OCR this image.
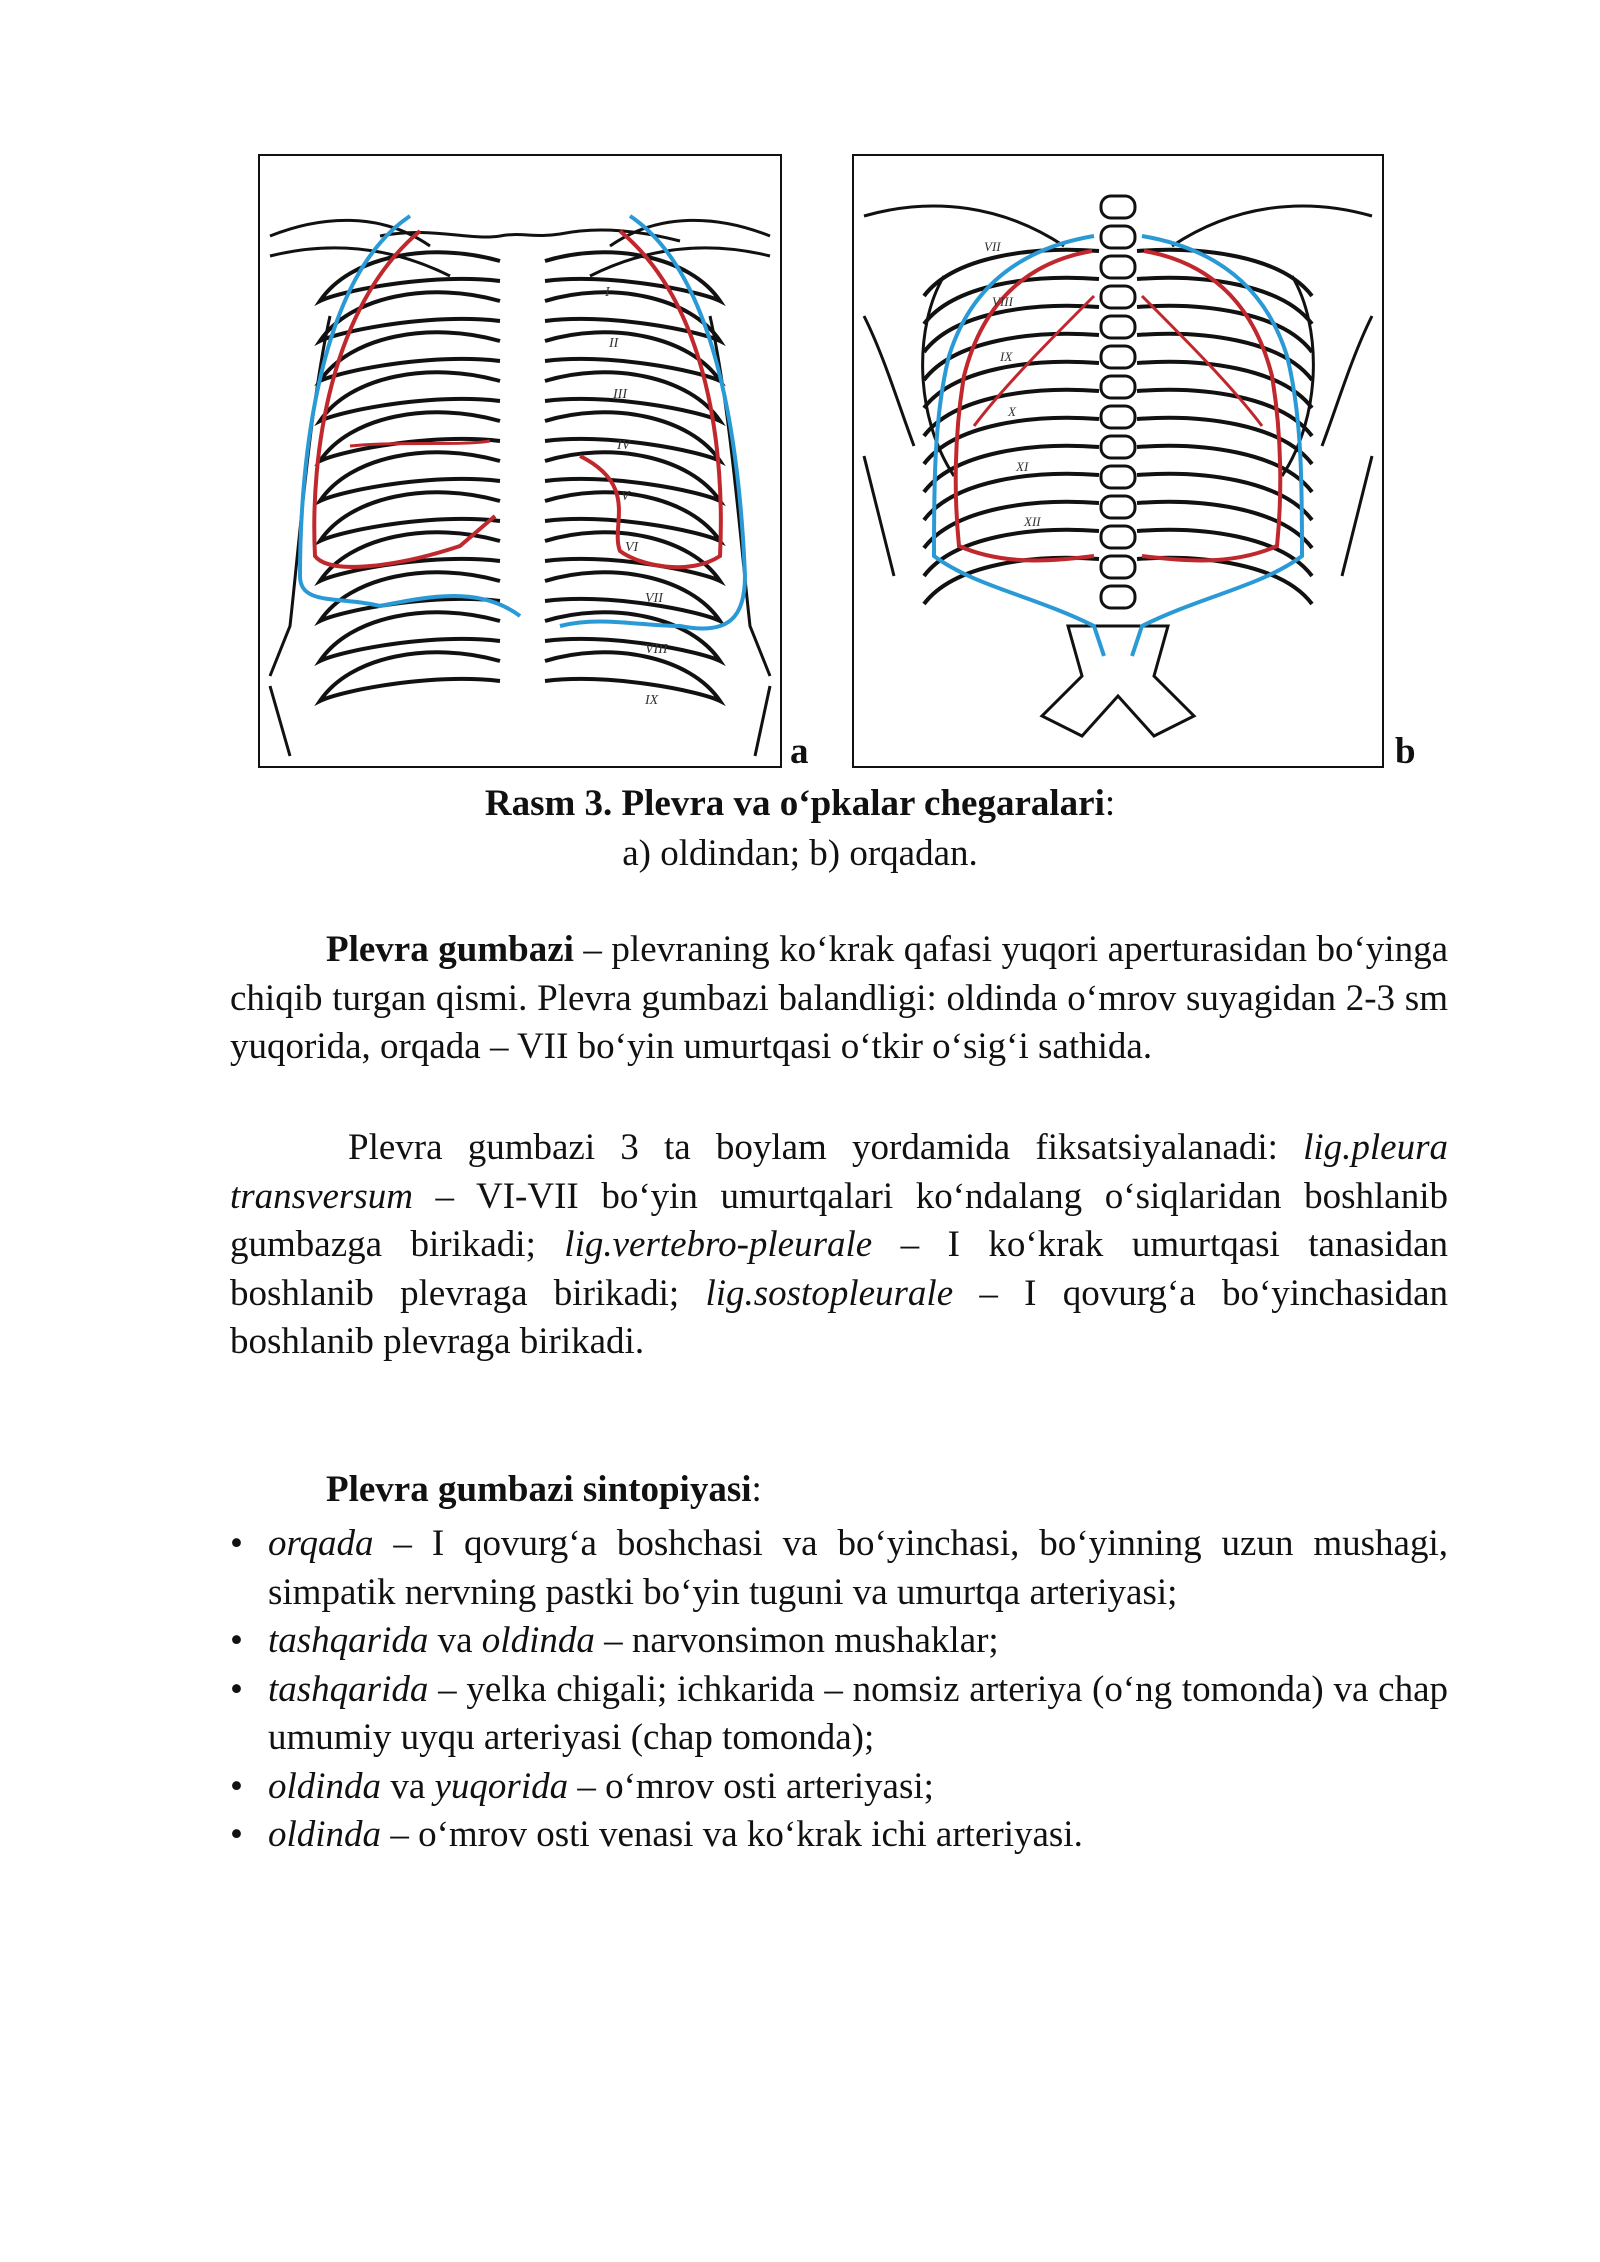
I
II
III
IV
V
VI
VII
VIII
IX
a
VII
VIII
IX
X
XI
XII
b
Rasm 3. Plevra va o‘pkalar chegaralari:
a) oldindan; b) orqadan.

Plevra gumbazi – plevraning ko‘krak qafasi yuqori aperturasidan bo‘yinga chiqib turgan qismi. Plevra gumbazi balandligi: oldinda o‘mrov suyagidan 2-3 sm yuqorida, orqada – VII bo‘yin umurtqasi o‘tkir o‘sig‘i sathida.

Plevra gumbazi 3 ta boylam yordamida fiksatsiyalanadi: lig.pleura transversum – VI-VII bo‘yin umurtqalari ko‘ndalang o‘siqlaridan boshlanib gumbazga birikadi; lig.vertebro-pleurale – I ko‘krak umurtqasi tanasidan boshlanib plevraga birikadi; lig.sostopleurale – I qovurg‘a bo‘yinchasidan boshlanib plevraga birikadi.

Plevra gumbazi sintopiyasi:

• orqada – I qovurg‘a boshchasi va bo‘yinchasi, bo‘yinning uzun mushagi, simpatik nervning pastki bo‘yin tuguni va umurtqa arteriyasi;
• tashqarida va oldinda – narvonsimon mushaklar;
• tashqarida – yelka chigali; ichkarida – nomsiz arteriya (o‘ng tomonda) va chap umumiy uyqu arteriyasi (chap tomonda);
• oldinda va yuqorida – o‘mrov osti arteriyasi;
• oldinda – o‘mrov osti venasi va ko‘krak ichi arteriyasi.
